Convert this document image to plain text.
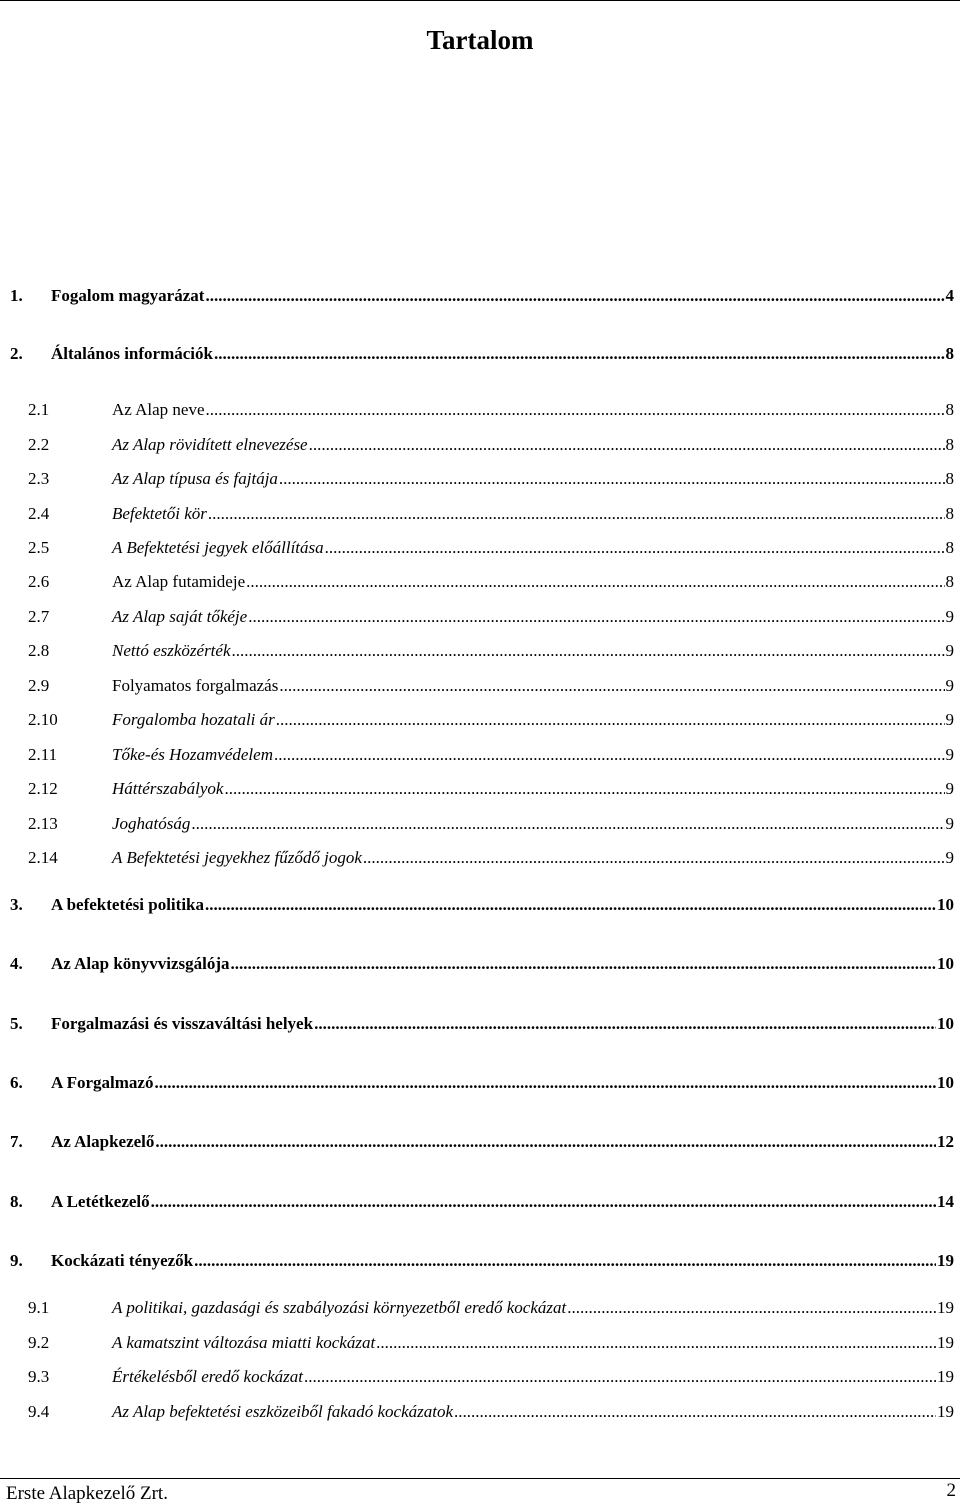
Tartalom
1.	Fogalom magyarázat .....	4
2.	Általános információk .....	8
2.1	Az Alap neve .....	8
2.2	Az Alap rövidített elnevezése .....	8
2.3	Az Alap típusa és fajtája .....	8
2.4	Befektetői kör .....	8
2.5	A Befektetési jegyek előállítása .....	8
2.6	Az Alap futamideje .....	8
2.7	Az Alap saját tőkéje .....	9
2.8	Nettó eszközérték .....	9
2.9	Folyamatos forgalmazás .....	9
2.10	Forgalomba hozatali ár .....	9
2.11	Tőke-és Hozamvédelem .....	9
2.12	Háttérszabályok .....	9
2.13	Joghatóság .....	9
2.14	A Befektetési jegyekhez fűződő jogok .....	9
3.	A befektetési politika .....	10
4.	Az Alap könyvvizsgálója .....	10
5.	Forgalmazási és visszaváltási helyek .....	10
6.	A Forgalmazó .....	10
7.	Az Alapkezelő .....	12
8.	A Letétkezelő .....	14
9.	Kockázati tényezők .....	19
9.1	A politikai, gazdasági és szabályozási környezetből eredő kockázat .....	19
9.2	A kamatszint változása miatti kockázat .....	19
9.3	Értékelésből eredő kockázat .....	19
9.4	Az Alap befektetési eszközeiből fakadó kockázatok .....	19
Erste Alapkezelő Zrt.	2
